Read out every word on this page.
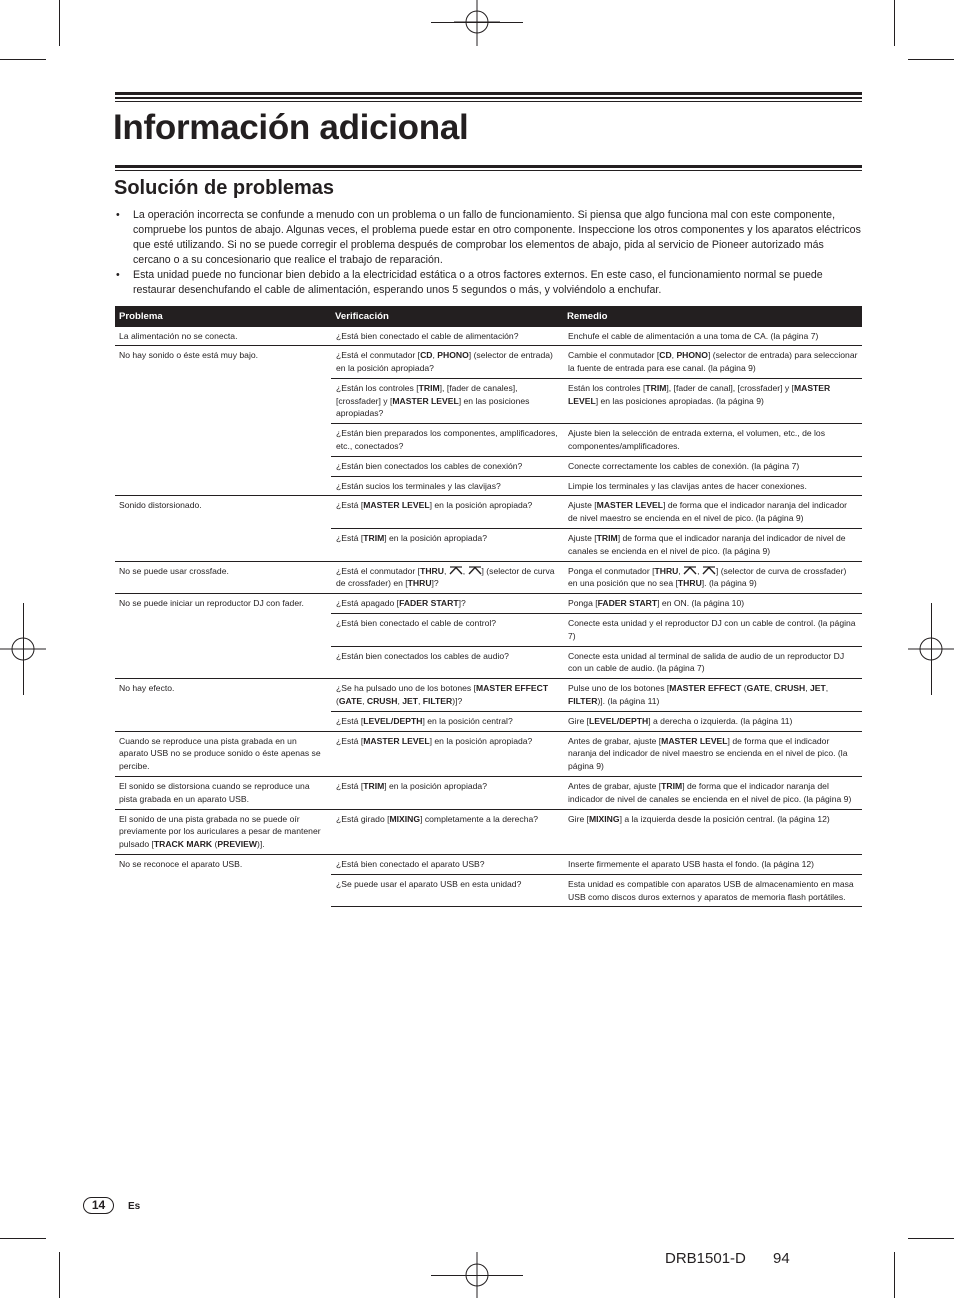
Información adicional
Solución de problemas
• La operación incorrecta se confunde a menudo con un problema o un fallo de funcionamiento. Si piensa que algo funciona mal con este componente, compruebe los puntos de abajo. Algunas veces, el problema puede estar en otro componente. Inspeccione los otros componentes y los aparatos eléctricos que esté utilizando. Si no se puede corregir el problema después de comprobar los elementos de abajo, pida al servicio de Pioneer autorizado más cercano o a su concesionario que realice el trabajo de reparación.
• Esta unidad puede no funcionar bien debido a la electricidad estática o a otros factores externos. En este caso, el funcionamiento normal se puede restaurar desenchufando el cable de alimentación, esperando unos 5 segundos o más, y volviéndolo a enchufar.
Problema	Verificación	Remedio
La alimentación no se conecta.	¿Está bien conectado el cable de alimentación?	Enchufe el cable de alimentación a una toma de CA. (la página 7)
No hay sonido o éste está muy bajo.	¿Está el conmutador [CD, PHONO] (selector de entrada) en la posición apropiada?	Cambie el conmutador [CD, PHONO] (selector de entrada) para seleccionar la fuente de entrada para ese canal. (la página 9)
	¿Están los controles [TRIM], [fader de canales], [crossfader] y [MASTER LEVEL] en las posiciones apropiadas?	Están los controles [TRIM], [fader de canal], [crossfader] y [MASTER LEVEL] en las posiciones apropiadas. (la página 9)
	¿Están bien preparados los componentes, amplificadores, etc., conectados?	Ajuste bien la selección de entrada externa, el volumen, etc., de los componentes/amplificadores.
	¿Están bien conectados los cables de conexión?	Conecte correctamente los cables de conexión. (la página 7)
	¿Están sucios los terminales y las clavijas?	Limpie los terminales y las clavijas antes de hacer conexiones.
Sonido distorsionado.	¿Está [MASTER LEVEL] en la posición apropiada?	Ajuste [MASTER LEVEL] de forma que el indicador naranja del indicador de nivel maestro se encienda en el nivel de pico. (la página 9)
	¿Está [TRIM] en la posición apropiada?	Ajuste [TRIM] de forma que el indicador naranja del indicador de nivel de canales se encienda en el nivel de pico. (la página 9)
No se puede usar crossfade.	¿Está el conmutador [THRU, , ] (selector de curva de crossfader) en [THRU]?	Ponga el conmutador [THRU, , ] (selector de curva de crossfader) en una posición que no sea [THRU]. (la página 9)
No se puede iniciar un reproductor DJ con fader.	¿Está apagado [FADER START]?	Ponga [FADER START] en ON. (la página 10)
	¿Está bien conectado el cable de control?	Conecte esta unidad y el reproductor DJ con un cable de control. (la página 7)
	¿Están bien conectados los cables de audio?	Conecte esta unidad al terminal de salida de audio de un reproductor DJ con un cable de audio. (la página 7)
No hay efecto.	¿Se ha pulsado uno de los botones [MASTER EFFECT (GATE, CRUSH, JET, FILTER)]?	Pulse uno de los botones [MASTER EFFECT (GATE, CRUSH, JET, FILTER)]. (la página 11)
	¿Está [LEVEL/DEPTH] en la posición central?	Gire [LEVEL/DEPTH] a derecha o izquierda. (la página 11)
Cuando se reproduce una pista grabada en un aparato USB no se produce sonido o éste apenas se percibe.	¿Está [MASTER LEVEL] en la posición apropiada?	Antes de grabar, ajuste [MASTER LEVEL] de forma que el indicador naranja del indicador de nivel maestro se encienda en el nivel de pico. (la página 9)
El sonido se distorsiona cuando se reproduce una pista grabada en un aparato USB.	¿Está [TRIM] en la posición apropiada?	Antes de grabar, ajuste [TRIM] de forma que el indicador naranja del indicador de nivel de canales se encienda en el nivel de pico. (la página 9)
El sonido de una pista grabada no se puede oír previamente por los auriculares a pesar de mantener pulsado [TRACK MARK (PREVIEW)].	¿Está girado [MIXING] completamente a la derecha?	Gire [MIXING] a la izquierda desde la posición central. (la página 12)
No se reconoce el aparato USB.	¿Está bien conectado el aparato USB?	Inserte firmemente el aparato USB hasta el fondo. (la página 12)
	¿Se puede usar el aparato USB en esta unidad?	Esta unidad es compatible con aparatos USB de almacenamiento en masa USB como discos duros externos y aparatos de memoria flash portátiles.
14	Es
DRB1501-D 94
